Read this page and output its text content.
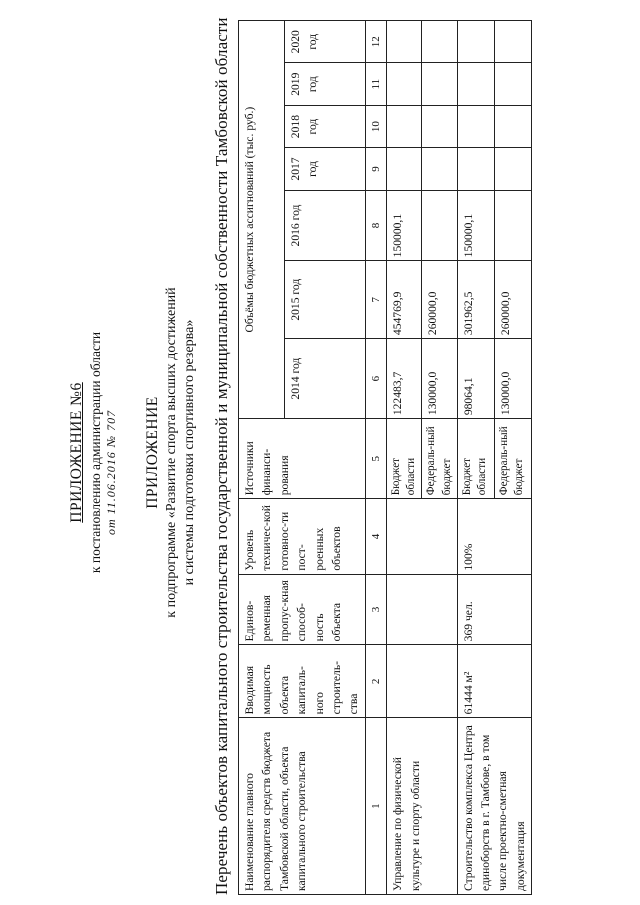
ПРИЛОЖЕНИЕ №6 к постановлению администрации области от 11.06.2016 № 707 ПРИЛОЖЕНИЕ к подпрограмме «Развитие спорта высших достижений и системы подготовки спортивного резерва» Перечень объектов капитального строительства государственной и муниципальной собственности Тамбовской области Наименование главного распорядителя средств бюджета Тамбовской области, объекта капитального строительства	Вводимая мощность объекта капиталь-ного строитель-ства	Единов-ременная пропус-кная способ-ность объекта	Уровень техничес-кой готовнос-ти пост-роенных объектов	Источники финанси-рования	Объёмы бюджетных ассигнований (тыс. руб.)						
					2014 год	2015 год	2016 год	2017 год	2018 год	2019 год	2020 год
1	2	3	4	5	6	7	8	9	10	11	12
Управление по физической культуре и спорту области				Бюджет области	122483,7	454769,9	150000,1				
				Федераль-ный бюджет	130000,0	260000,0					
Строительство комплекса Центра единоборств в г. Тамбове, в том числе проектно-сметная документация	61444 м²	369 чел.	100%	Бюджет области	98064,1	301962,5	150000,1				
				Федераль-ный бюджет	130000,0	260000,0					
